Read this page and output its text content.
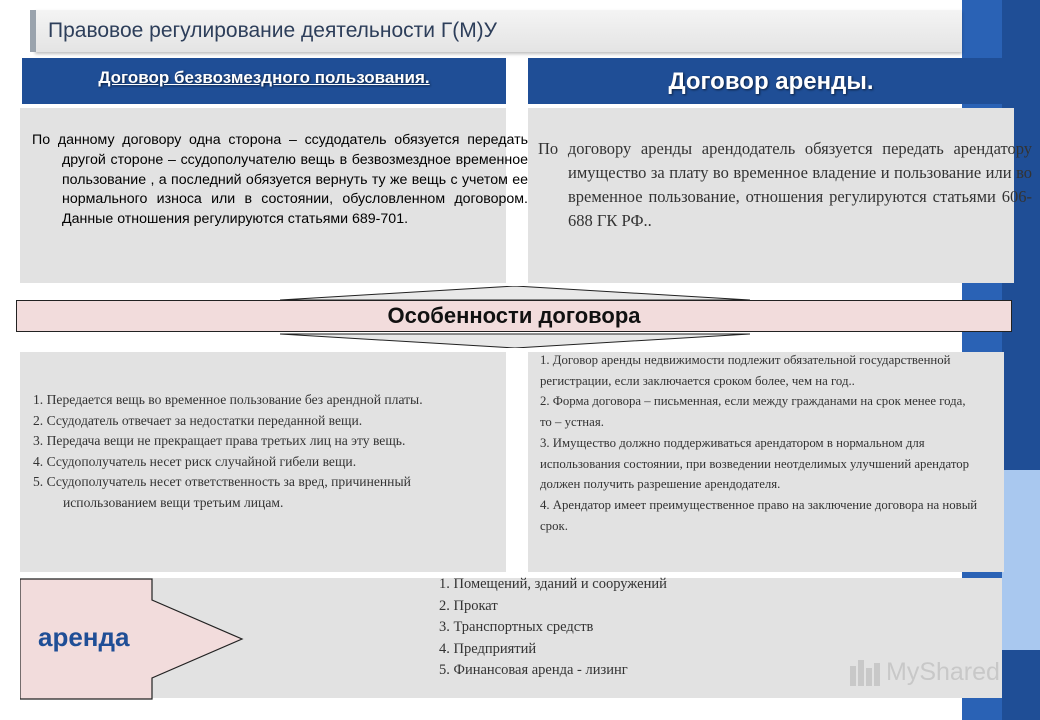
Правовое регулирование деятельности Г(М)У
Договор безвозмездного пользования.	Договор аренды.

По данному договору одна сторона – ссудодатель обязуется передать другой стороне – ссудополучателю вещь в безвозмездное временное пользование , а последний обязуется вернуть ту же вещь с учетом ее нормального износа или в состоянии, обусловленном договором. Данные отношения регулируются статьями 689-701.

По договору аренды арендодатель обязуется передать арендатору имущество за плату во временное владение и пользование или во временное пользование, отношения регулируются статьями 606-688 ГК РФ..

Особенности договора
1. Передается вещь во временное пользование без арендной платы.
2. Ссудодатель отвечает за недостатки переданной вещи.
3. Передача вещи не прекращает права третьих лиц на эту вещь.
4. Ссудополучатель несет риск случайной гибели вещи.
5. Ссудополучатель несет ответственность за вред, причиненный использованием вещи третьим лицам.
1. Договор аренды недвижимости подлежит обязательной государственной регистрации, если заключается сроком более, чем на год..
2. Форма договора – письменная, если между гражданами на срок менее года, то – устная.
3. Имущество должно поддерживаться арендатором в нормальном для использования состоянии, при возведении неотделимых улучшений арендатор должен получить разрешение арендодателя.
4. Арендатор имеет преимущественное право на заключение договора на новый срок.
аренда
1. Помещений, зданий и сооружений
2. Прокат
3. Транспортных средств
4. Предприятий
5. Финансовая аренда - лизинг	MyShared
